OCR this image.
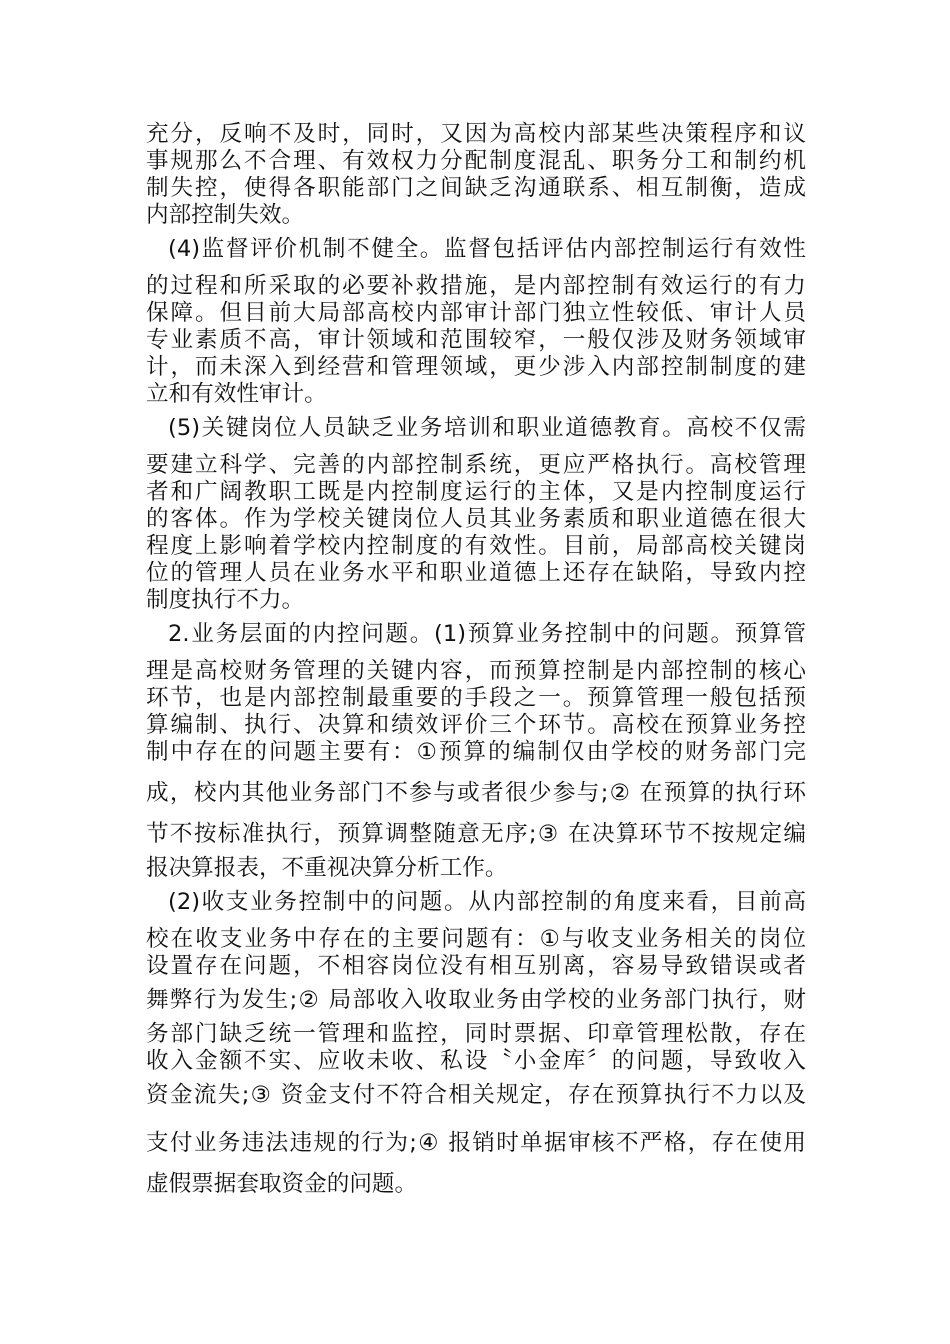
充分，反响不及时，同时，又因为高校内部某些决策程序和议
事规那么不合理、有效权力分配制度混乱、职务分工和制约机
制失控，使得各职能部门之间缺乏沟通联系、相互制衡，造成
内部控制失效。
(4)监督评价机制不健全。监督包括评估内部控制运行有效性
的过程和所采取的必要补救措施，是内部控制有效运行的有力
保障。但目前大局部高校内部审计部门独立性较低、审计人员
专业素质不高，审计领域和范围较窄，一般仅涉及财务领域审
计，而未深入到经营和管理领域，更少涉入内部控制制度的建
立和有效性审计。
(5)关键岗位人员缺乏业务培训和职业道德教育。高校不仅需
要建立科学、完善的内部控制系统，更应严格执行。高校管理
者和广阔教职工既是内控制度运行的主体，又是内控制度运行
的客体。作为学校关键岗位人员其业务素质和职业道德在很大
程度上影响着学校内控制度的有效性。目前，局部高校关键岗
位的管理人员在业务水平和职业道德上还存在缺陷，导致内控
制度执行不力。
2.业务层面的内控问题。(1)预算业务控制中的问题。预算管
理是高校财务管理的关键内容，而预算控制是内部控制的核心
环节，也是内部控制最重要的手段之一。预算管理一般包括预
算编制、执行、决算和绩效评价三个环节。高校在预算业务控
制中存在的问题主要有：①预算的编制仅由学校的财务部门完
成，校内其他业务部门不参与或者很少参与;② 在预算的执行环
节不按标准执行，预算调整随意无序;③ 在决算环节不按规定编
报决算报表，不重视决算分析工作。
(2)收支业务控制中的问题。从内部控制的角度来看，目前高
校在收支业务中存在的主要问题有：①与收支业务相关的岗位
设置存在问题，不相容岗位没有相互别离，容易导致错误或者
舞弊行为发生;② 局部收入收取业务由学校的业务部门执行，财
务部门缺乏统一管理和监控，同时票据、印章管理松散，存在
收入金额不实、应收未收、私设〝小金库〞的问题，导致收入
资金流失;③ 资金支付不符合相关规定，存在预算执行不力以及
支付业务违法违规的行为;④ 报销时单据审核不严格，存在使用
虚假票据套取资金的问题。
